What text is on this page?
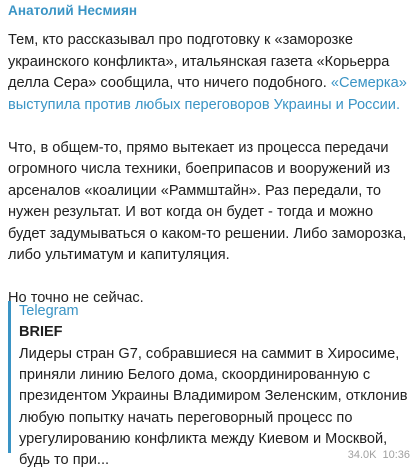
Анатолий Несмиян

Тем, кто рассказывал про подготовку к «заморозке украинского конфликта», итальянская газета «Корьерра делла Сера» сообщила, что ничего подобного. «Семерка» выступила против любых переговоров Украины и России.

Что, в общем-то, прямо вытекает из процесса передачи огромного числа техники, боеприпасов и вооружений из арсеналов «коалиции «Раммштайн». Раз передали, то нужен результат. И вот когда он будет - тогда и можно будет задумываться о каком-то решении. Либо заморозка, либо ультиматум и капитуляция.

Но точно не сейчас.

Telegram
BRIEF
Лидеры стран G7, собравшиеся на саммит в Хиросиме, приняли линию Белого дома, скоординированную с президентом Украины Владимиром Зеленским, отклонив любую попытку начать переговорный процесс по урегулированию конфликта между Киевом и Москвой, будь то при...	34.0K 10:36
